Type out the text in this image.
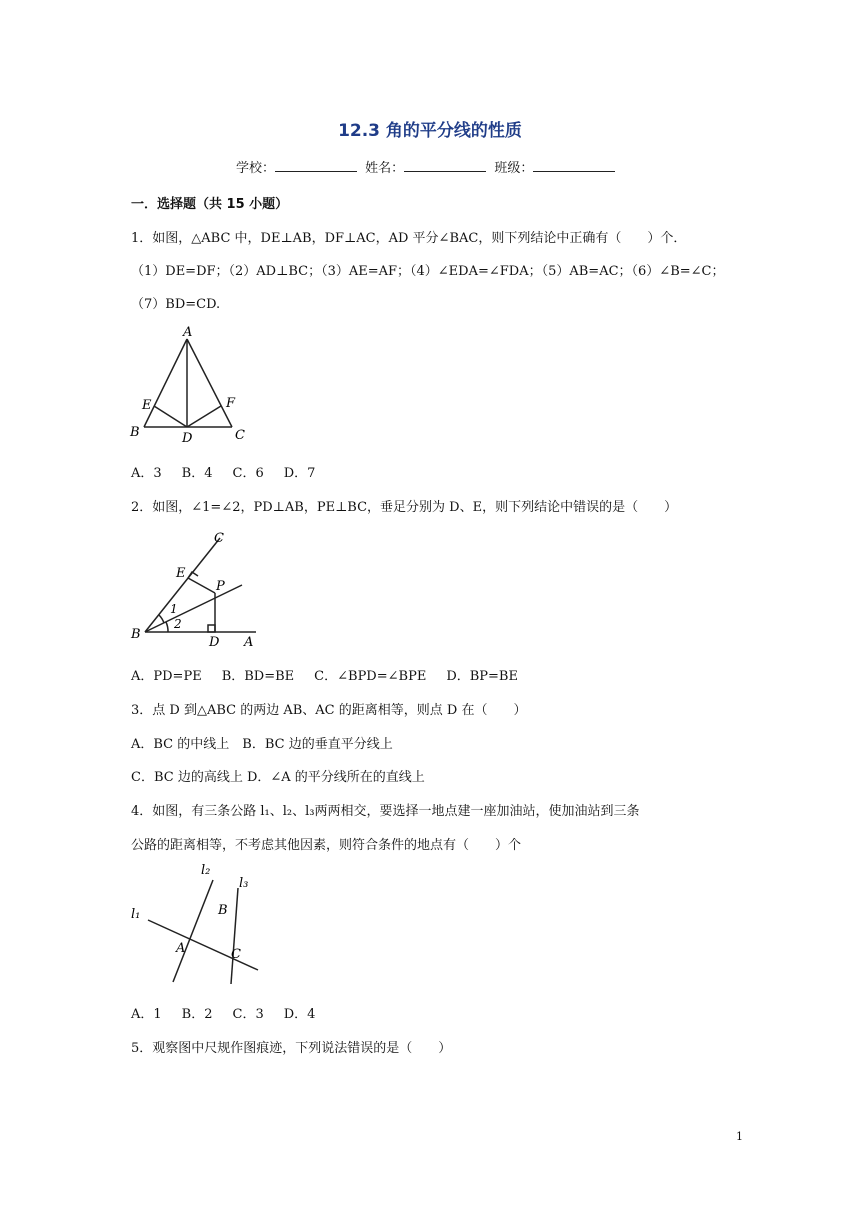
12.3 角的平分线的性质
学校：	姓名：	班级：
一．选择题（共 15 小题）
1．如图，△ABC 中，DE⊥AB，DF⊥AC，AD 平分∠BAC，则下列结论中正确有（　　）个．
（1）DE=DF；（2）AD⊥BC；（3）AE=AF；（4）∠EDA=∠FDA；（5）AB=AC；（6）∠B=∠C；
（7）BD=CD.
A
E	F
B	D	C
A．3 B．4 C．6 D．7
2．如图，∠1=∠2，PD⊥AB，PE⊥BC，垂足分别为 D、E，则下列结论中错误的是（　　）
C
E
P
1
2
B
D A
A．PD=PE B．BD=BE C．∠BPD=∠BPE D．BP=BE
3．点 D 到△ABC 的两边 AB、AC 的距离相等，则点 D 在（　　）
A．BC 的中线上　B．BC 边的垂直平分线上
C．BC 边的高线上 D．∠A 的平分线所在的直线上
4．如图，有三条公路 l₁、l₂、l₃两两相交，要选择一地点建一座加油站，使加油站到三条
公路的距离相等，不考虑其他因素，则符合条件的地点有（　　）个
l₂
l₃
l₁	B
A	C
A．1 B．2 C．3 D．4
5．观察图中尺规作图痕迹，下列说法错误的是（　　）
1
